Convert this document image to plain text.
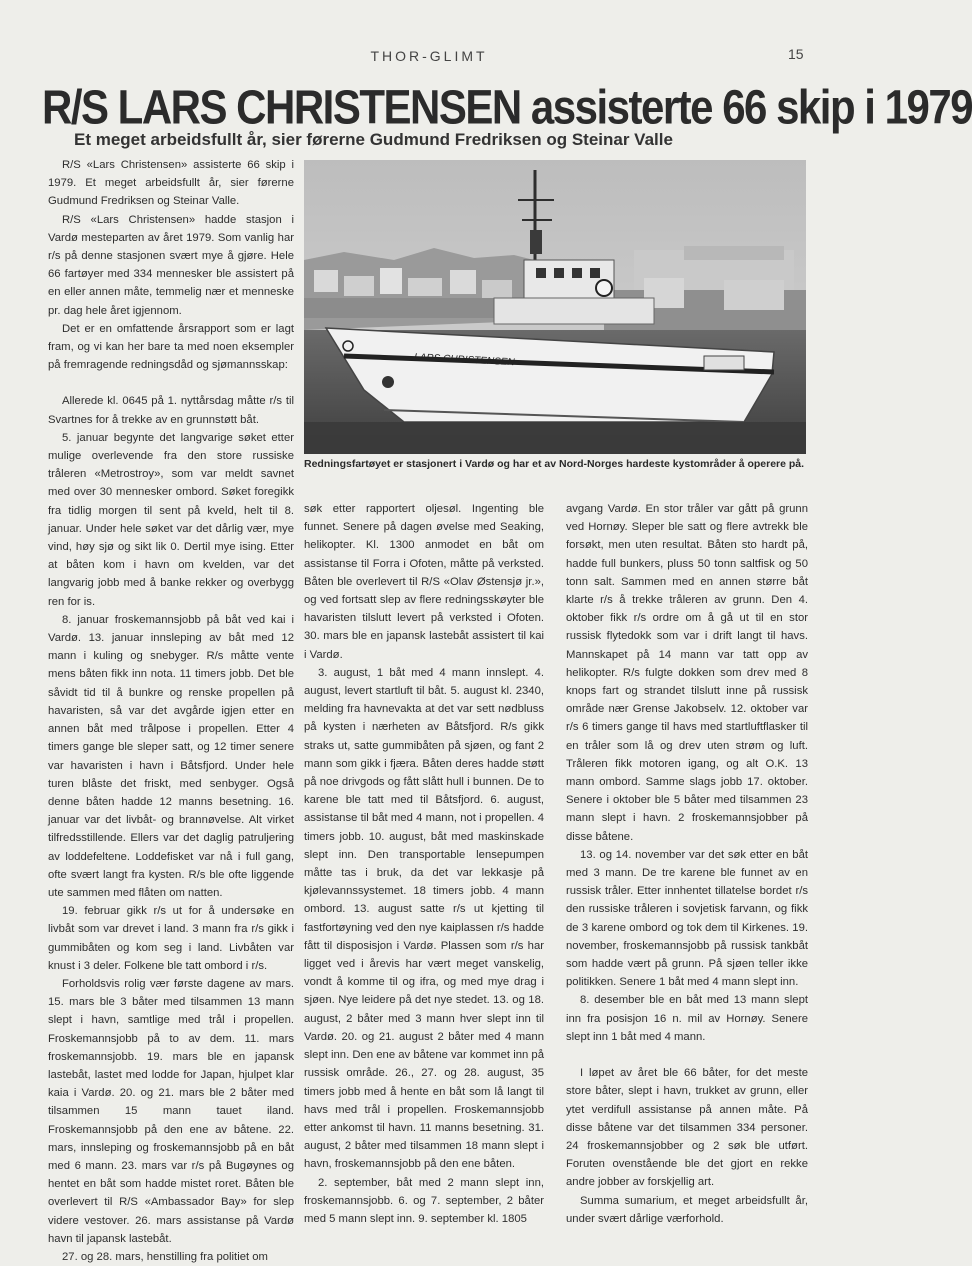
THOR-GLIMT	15
R/S LARS CHRISTENSEN assisterte 66 skip i 1979
Et meget arbeidsfullt år, sier førerne Gudmund Fredriksen og Steinar Valle

R/S «Lars Christensen» assisterte 66 skip i 1979. Et meget arbeidsfullt år, sier førerne Gudmund Fredriksen og Steinar Valle.

R/S «Lars Christensen» hadde stasjon i Vardø mesteparten av året 1979. Som vanlig har r/s på denne stasjonen svært mye å gjøre. Hele 66 fartøyer med 334 mennesker ble assistert på en eller annen måte, temmelig nær et menneske pr. dag hele året igjennom.

Det er en omfattende årsrapport som er lagt fram, og vi kan her bare ta med noen eksempler på fremragende redningsdåd og sjømannsskap:

Allerede kl. 0645 på 1. nyttårsdag måtte r/s til Svartnes for å trekke av en grunnstøtt båt.

5. januar begynte det langvarige søket etter mulige overlevende fra den store russiske tråleren «Metrostroy», som var meldt savnet med over 30 mennesker ombord. Søket foregikk fra tidlig morgen til sent på kveld, helt til 8. januar. Under hele søket var det dårlig vær, mye vind, høy sjø og sikt lik 0. Dertil mye ising. Etter at båten kom i havn om kvelden, var det langvarig jobb med å banke rekker og overbygg ren for is.

8. januar froskemannsjobb på båt ved kai i Vardø. 13. januar innsleping av båt med 12 mann i kuling og snebyger. R/s måtte vente mens båten fikk inn nota. 11 timers jobb. Det ble såvidt tid til å bunkre og renske propellen på havaristen, så var det avgårde igjen etter en annen båt med trålpose i propellen. Etter 4 timers gange ble sleper satt, og 12 timer senere var havaristen i havn i Båtsfjord. Under hele turen blåste det friskt, med senbyger. Også denne båten hadde 12 manns besetning. 16. januar var det livbåt- og brannøvelse. Alt virket tilfredsstillende. Ellers var det daglig patruljering av loddefeltene. Loddefisket var nå i full gang, ofte svært langt fra kysten. R/s ble ofte liggende ute sammen med flåten om natten.

19. februar gikk r/s ut for å undersøke en livbåt som var drevet i land. 3 mann fra r/s gikk i gummibåten og kom seg i land. Livbåten var knust i 3 deler. Folkene ble tatt ombord i r/s.

Forholdsvis rolig vær første dagene av mars. 15. mars ble 3 båter med tilsammen 13 mann slept i havn, samtlige med trål i propellen. Froskemannsjobb på to av dem. 11. mars froskemannsjobb. 19. mars ble en japansk lastebåt, lastet med lodde for Japan, hjulpet klar kaia i Vardø. 20. og 21. mars ble 2 båter med tilsammen 15 mann tauet iland. Froskemannsjobb på den ene av båtene. 22. mars, innsleping og froskemannsjobb på en båt med 6 mann. 23. mars var r/s på Bugøynes og hentet en båt som hadde mistet roret. Båten ble overlevert til R/S «Ambassador Bay» for slep videre vestover. 26. mars assistanse på Vardø havn til japansk lastebåt.

27. og 28. mars, henstilling fra politiet om

LARS CHRISTENSEN
Redningsfartøyet er stasjonert i Vardø og har et av Nord-Norges hardeste kystområder å operere på.

søk etter rapportert oljesøl. Ingenting ble funnet. Senere på dagen øvelse med Seaking, helikopter. Kl. 1300 anmodet en båt om assistanse til Forra i Ofoten, måtte på verksted. Båten ble overlevert til R/S «Olav Østensjø jr.», og ved fortsatt slep av flere redningsskøyter ble havaristen tilslutt levert på verksted i Ofoten. 30. mars ble en japansk lastebåt assistert til kai i Vardø.

3. august, 1 båt med 4 mann innslept. 4. august, levert startluft til båt. 5. august kl. 2340, melding fra havnevakta at det var sett nødbluss på kysten i nærheten av Båtsfjord. R/s gikk straks ut, satte gummibåten på sjøen, og fant 2 mann som gikk i fjæra. Båten deres hadde støtt på noe drivgods og fått slått hull i bunnen. De to karene ble tatt med til Båtsfjord. 6. august, assistanse til båt med 4 mann, not i propellen. 4 timers jobb. 10. august, båt med maskinskade slept inn. Den transportable lensepumpen måtte tas i bruk, da det var lekkasje på kjølevannssystemet. 18 timers jobb. 4 mann ombord. 13. august satte r/s ut kjetting til fastfortøyning ved den nye kaiplassen r/s hadde fått til disposisjon i Vardø. Plassen som r/s har ligget ved i årevis har vært meget vanskelig, vondt å komme til og ifra, og med mye drag i sjøen. Nye leidere på det nye stedet. 13. og 18. august, 2 båter med 3 mann hver slept inn til Vardø. 20. og 21. august 2 båter med 4 mann slept inn. Den ene av båtene var kommet inn på russisk område. 26., 27. og 28. august, 35 timers jobb med å hente en båt som lå langt til havs med trål i propellen. Froskemannsjobb etter ankomst til havn. 11 manns besetning. 31. august, 2 båter med tilsammen 18 mann slept i havn, froskemannsjobb på den ene båten.

2. september, båt med 2 mann slept inn, froskemannsjobb. 6. og 7. september, 2 båter med 5 mann slept inn. 9. september kl. 1805

avgang Vardø. En stor tråler var gått på grunn ved Hornøy. Sleper ble satt og flere avtrekk ble forsøkt, men uten resultat. Båten sto hardt på, hadde full bunkers, pluss 50 tonn saltfisk og 50 tonn salt. Sammen med en annen større båt klarte r/s å trekke tråleren av grunn. Den 4. oktober fikk r/s ordre om å gå ut til en stor russisk flytedokk som var i drift langt til havs. Mannskapet på 14 mann var tatt opp av helikopter. R/s fulgte dokken som drev med 8 knops fart og strandet tilslutt inne på russisk område nær Grense Jakobselv. 12. oktober var r/s 6 timers gange til havs med startluftflasker til en tråler som lå og drev uten strøm og luft. Tråleren fikk motoren igang, og alt O.K. 13 mann ombord. Samme slags jobb 17. oktober. Senere i oktober ble 5 båter med tilsammen 23 mann slept i havn. 2 froskemannsjobber på disse båtene.

13. og 14. november var det søk etter en båt med 3 mann. De tre karene ble funnet av en russisk tråler. Etter innhentet tillatelse bordet r/s den russiske tråleren i sovjetisk farvann, og fikk de 3 karene ombord og tok dem til Kirkenes. 19. november, froskemannsjobb på russisk tankbåt som hadde vært på grunn. På sjøen teller ikke politikken. Senere 1 båt med 4 mann slept inn.

8. desember ble en båt med 13 mann slept inn fra posisjon 16 n. mil av Hornøy. Senere slept inn 1 båt med 4 mann.

I løpet av året ble 66 båter, for det meste store båter, slept i havn, trukket av grunn, eller ytet verdifull assistanse på annen måte. På disse båtene var det tilsammen 334 personer. 24 froskemannsjobber og 2 søk ble utført. Foruten ovenstående ble det gjort en rekke andre jobber av forskjellig art.

Summa sumarium, et meget arbeidsfullt år, under svært dårlige værforhold.
